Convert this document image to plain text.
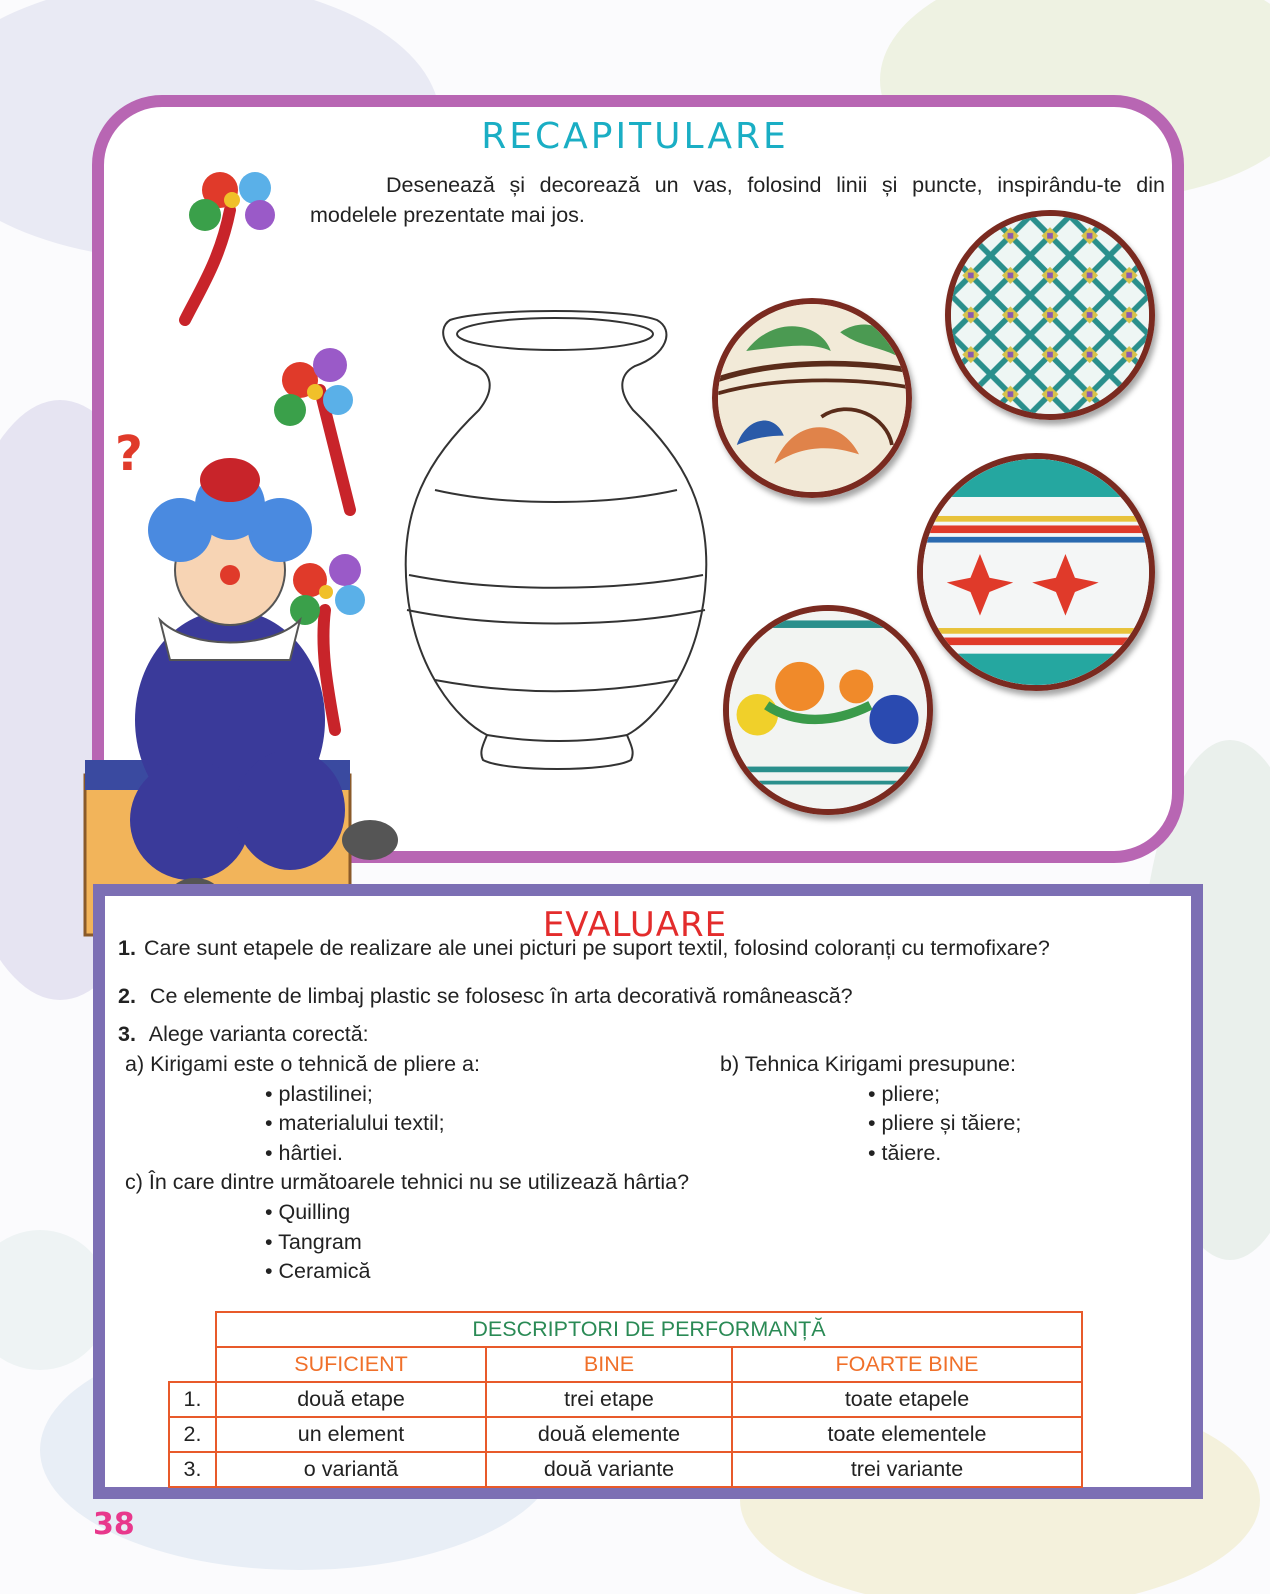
RECAPITULARE
Desenează și decorează un vas, folosind linii și puncte, inspirându-te din modelele prezentate mai jos.
?
EVALUARE
1. Care sunt etapele de realizare ale unei picturi pe suport textil, folosind coloranți cu termofixare?
2. Ce elemente de limbaj plastic se folosesc în arta decorativă românească?
3. Alege varianta corectă:
a) Kirigami este o tehnică de pliere a:
• plastilinei;
• materialului textil;
• hârtiei.
b) Tehnica Kirigami presupune:
• pliere;
• pliere și tăiere;
• tăiere.
c) În care dintre următoarele tehnici nu se utilizează hârtia?
• Quilling
• Tangram
• Ceramică
	DESCRIPTORI DE PERFORMANȚĂ		
	SUFICIENT	BINE	FOARTE BINE
1.	două etape	trei etape	toate etapele
2.	un element	două elemente	toate elementele
3.	o variantă	două variante	trei variante
38
